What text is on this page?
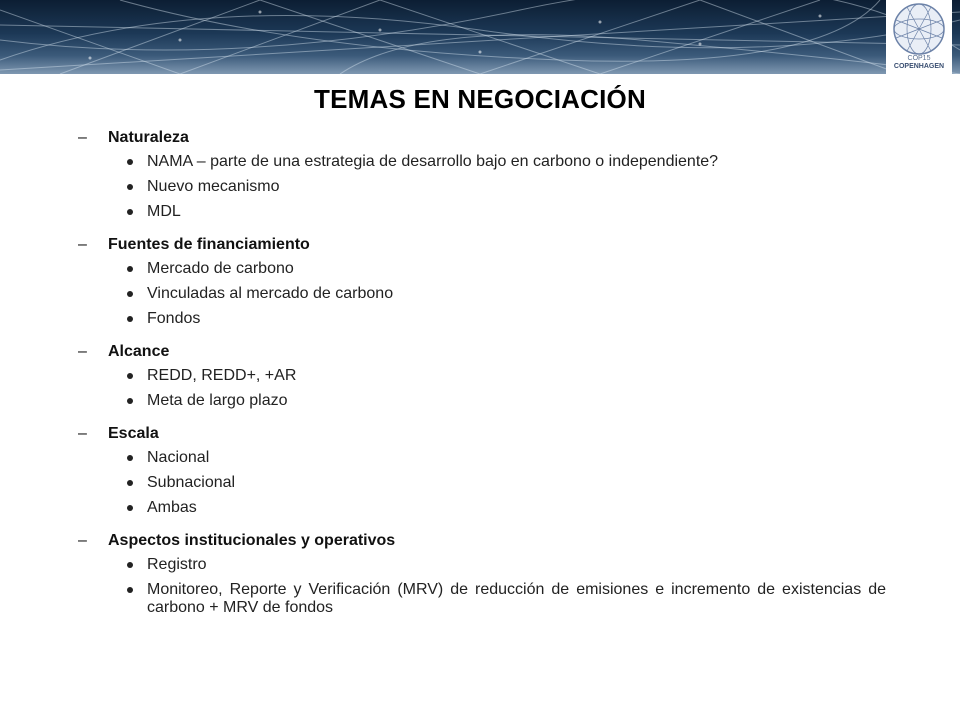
COP15
COPENHAGEN
TEMAS EN NEGOCIACIÓN
– Naturaleza
NAMA – parte de una estrategia de desarrollo bajo en carbono o independiente?
Nuevo mecanismo
MDL
– Fuentes de financiamiento
Mercado de carbono
Vinculadas al mercado de carbono
Fondos
– Alcance
REDD, REDD+, +AR
Meta de largo plazo
– Escala
Nacional
Subnacional
Ambas
– Aspectos institucionales y operativos
Registro
Monitoreo, Reporte y Verificación (MRV) de reducción de emisiones e incremento de existencias de carbono + MRV de fondos
